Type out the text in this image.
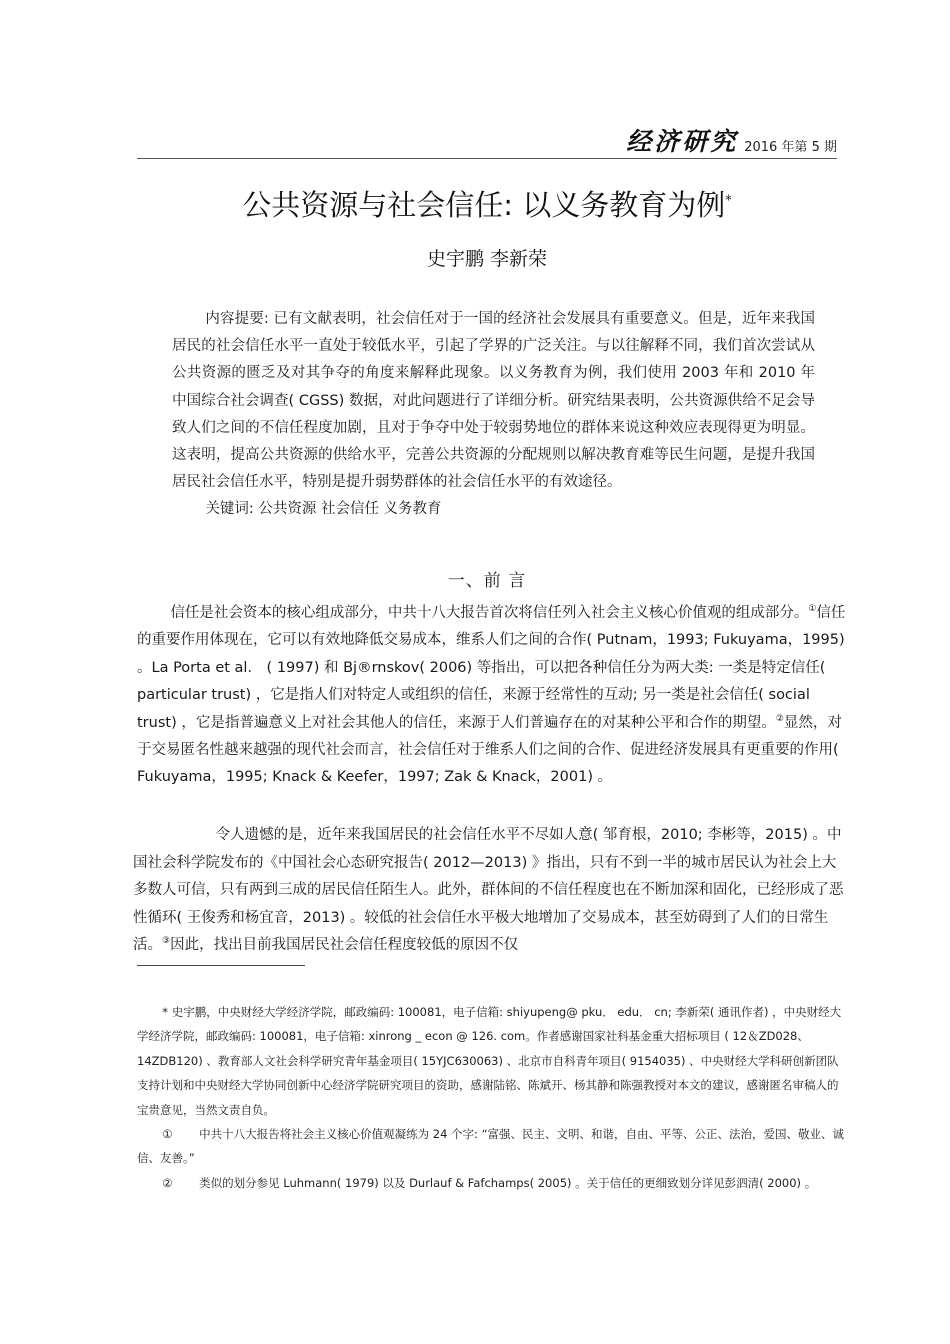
经济研究 2016 年第 5 期
公共资源与社会信任: 以义务教育为例*
史宇鹏 李新荣

内容提要: 已有文献表明，社会信任对于一国的经济社会发展具有重要意义。但是，近年来我国居民的社会信任水平一直处于较低水平，引起了学界的广泛关注。与以往解释不同，我们首次尝试从公共资源的匮乏及对其争夺的角度来解释此现象。以义务教育为例，我们使用 2003 年和 2010 年中国综合社会调查( CGSS) 数据，对此问题进行了详细分析。研究结果表明，公共资源供给不足会导致人们之间的不信任程度加剧，且对于争夺中处于较弱势地位的群体来说这种效应表现得更为明显。这表明，提高公共资源的供给水平，完善公共资源的分配规则以解决教育难等民生问题，是提升我国居民社会信任水平，特别是提升弱势群体的社会信任水平的有效途径。

关键词: 公共资源 社会信任 义务教育
一、前 言

信任是社会资本的核心组成部分，中共十八大报告首次将信任列入社会主义核心价值观的组成部分。①信任的重要作用体现在，它可以有效地降低交易成本，维系人们之间的合作( Putnam，1993; Fukuyama，1995) 。La Porta et al． ( 1997) 和 Bj®rnskov( 2006) 等指出，可以把各种信任分为两大类: 一类是特定信任( particular trust) ，它是指人们对特定人或组织的信任，来源于经常性的互动; 另一类是社会信任( social trust) ，它是指普遍意义上对社会其他人的信任，来源于人们普遍存在的对某种公平和合作的期望。②显然，对于交易匿名性越来越强的现代社会而言，社会信任对于维系人们之间的合作、促进经济发展具有更重要的作用( Fukuyama，1995; Knack & Keefer，1997; Zak & Knack，2001) 。

令人遗憾的是，近年来我国居民的社会信任水平不尽如人意( 邹育根，2010; 李彬等，2015) 。中国社会科学院发布的《中国社会心态研究报告( 2012—2013) 》指出，只有不到一半的城市居民认为社会上大多数人可信，只有两到三成的居民信任陌生人。此外，群体间的不信任程度也在不断加深和固化，已经形成了恶性循环( 王俊秀和杨宜音，2013) 。较低的社会信任水平极大地增加了交易成本，甚至妨碍到了人们的日常生活。③因此，找出目前我国居民社会信任程度较低的原因不仅

* 史宇鹏，中央财经大学经济学院，邮政编码: 100081，电子信箱: shiyupeng@ pku． edu． cn; 李新荣( 通讯作者) ，中央财经大学经济学院，邮政编码: 100081，电子信箱: xinrong _ econ @ 126. com。作者感谢国家社科基金重大招标项目 ( 12＆ZD028、14ZDB120) 、教育部人文社会科学研究青年基金项目( 15YJC630063) 、北京市自科青年项目( 9154035) 、中央财经大学科研创新团队支持计划和中央财经大学协同创新中心经济学院研究项目的资助，感谢陆铭、陈斌开、杨其静和陈强教授对本文的建议，感谢匿名审稿人的宝贵意见，当然文责自负。

① 中共十八大报告将社会主义核心价值观凝练为 24 个字: “富强、民主、文明、和谐，自由、平等、公正、法治，爱国、敬业、诚信、友善。”

② 类似的划分参见 Luhmann( 1979) 以及 Durlauf & Fafchamps( 2005) 。关于信任的更细致划分详见彭泗清( 2000) 。
